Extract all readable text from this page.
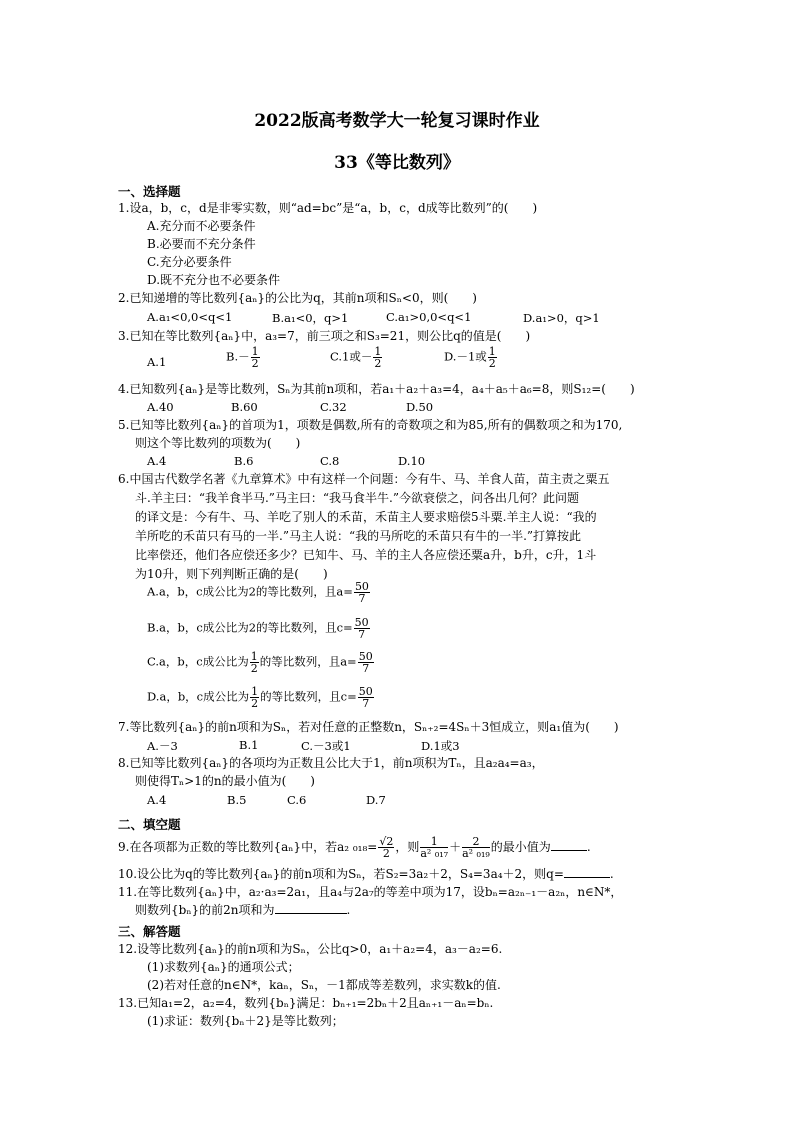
2022版高考数学大一轮复习课时作业
33《等比数列》
一、选择题
1.设a，b，c，d是非零实数，则“ad=bc”是“a，b，c，d成等比数列”的(　　)
A.充分而不必要条件
B.必要而不充分条件
C.充分必要条件
D.既不充分也不必要条件
2.已知递增的等比数列{aₙ}的公比为q，其前n项和Sₙ<0，则(　　)
A.a₁<0,0<q<1	B.a₁<0，q>1	C.a₁>0,0<q<1	D.a₁>0，q>1
3.已知在等比数列{aₙ}中，a₃=7，前三项之和S₃=21，则公比q的值是(　　)
A.1	$B.- \frac{1}{2}$	C.1或－ $\frac{1}{2}$	D.－1或 $\frac{1}{2}$
4.已知数列{aₙ}是等比数列，Sₙ为其前n项和，若a₁＋a₂＋a₃=4，a₄＋a₅＋a₆=8，则S₁₂=(　　)
A.40	B.60	C.32	D.50
5.已知等比数列{aₙ}的首项为1，项数是偶数,所有的奇数项之和为85,所有的偶数项之和为170,
则这个等比数列的项数为(　　)
A.4	B.6	C.8	D.10
6.中国古代数学名著《九章算术》中有这样一个问题：今有牛、马、羊食人苗，苗主责之粟五
斗.羊主曰：“我羊食半马.”马主曰：“我马食半牛.”今欲衰偿之，问各出几何？此问题
的译文是：今有牛、马、羊吃了别人的禾苗，禾苗主人要求赔偿5斗粟.羊主人说：“我的
羊所吃的禾苗只有马的一半.”马主人说：“我的马所吃的禾苗只有牛的一半.”打算按此
比率偿还，他们各应偿还多少？已知牛、马、羊的主人各应偿还粟a升，b升，c升，1斗
为10升，则下列判断正确的是(　　)
A.a，b，c成公比为2的等比数列，且$a= \frac{50}{7}$
B.a，b，c成公比为2的等比数列，且$c= \frac{50}{7}$
C.a，b，c成公比为 $\frac{1}{2}$ 的等比数列，且$a= \frac{50}{7}$
D.a，b，c成公比为 $\frac{1}{2}$ 的等比数列，且$c= \frac{50}{7}$
7.等比数列{aₙ}的前n项和为Sₙ，若对任意的正整数n，Sₙ₊₂=4Sₙ＋3恒成立，则a₁值为(　　)
A.－3	B.1	C.－3或1	D.1或3
8.已知等比数列{aₙ}的各项均为正数且公比大于1，前n项积为Tₙ，且a₂a₄=a₃，
则使得Tₙ>1的n的最小值为(　　)
A.4	B.5	C.6	D.7
二、填空题
9.在各项都为正数的等比数列{aₙ}中，若a₂ $_{018}= \frac{√2}{2}$ ，则 $\frac{1}{\text{a² ₀₁₇}} + \frac{2}{\text{a² ₀₁₉}}$ 的最小值为	.
10.设公比为q的等比数列{aₙ}的前n项和为Sₙ，若S₂=3a₂＋2，S₄=3a₄＋2，则q=	.
11.在等比数列{aₙ}中，a₂·a₃=2a₁，且a₄与2a₇的等差中项为17，设bₙ=a₂ₙ₋₁－a₂ₙ，n∈N*，
则数列{bₙ}的前2n项和为	.
三、解答题
12.设等比数列{aₙ}的前n项和为Sₙ，公比q>0，a₁＋a₂=4，a₃－a₂=6.
(1)求数列{aₙ}的通项公式；
(2)若对任意的n∈N*，kaₙ，Sₙ，－1都成等差数列，求实数k的值.
13.已知a₁=2，a₂=4，数列{bₙ}满足：bₙ₊₁=2bₙ＋2且aₙ₊₁－aₙ=bₙ.
(1)求证：数列{bₙ＋2}是等比数列；
